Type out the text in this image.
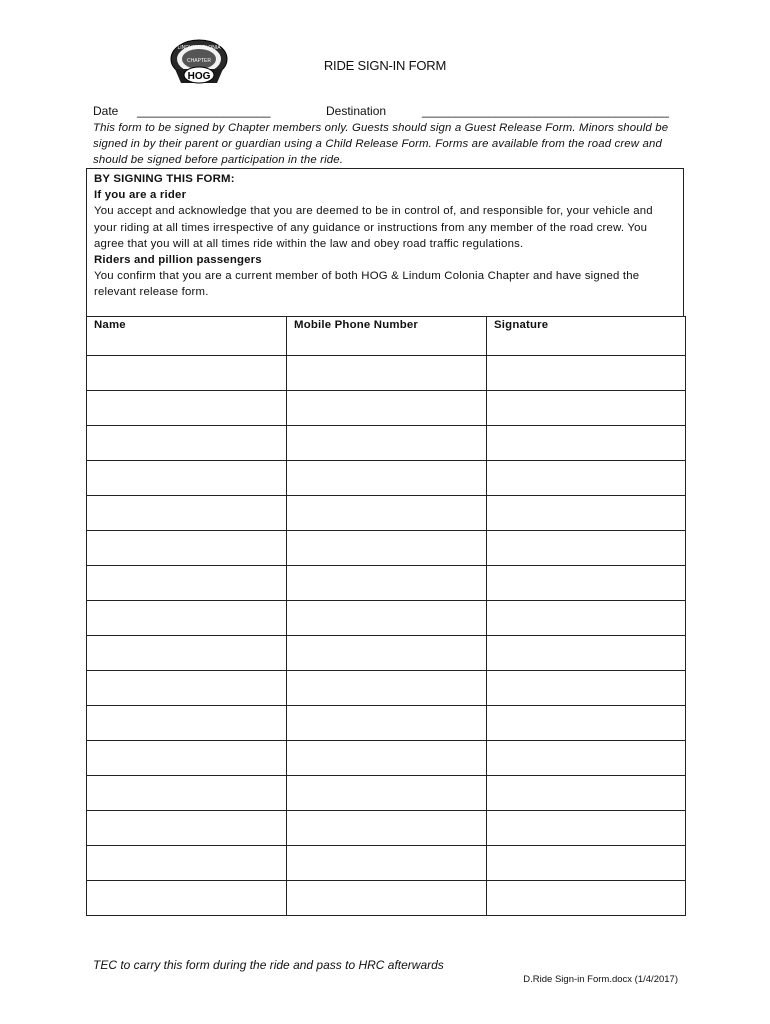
HOG
LINDUM COLONIA
CHAPTER	RIDE SIGN-IN FORM
Date ____________________	Destination	_____________________________________
This form to be signed by Chapter members only. Guests should sign a Guest Release Form. Minors should be signed in by their parent or guardian using a Child Release Form. Forms are available from the road crew and should be signed before participation in the ride.
BY SIGNING THIS FORM:
If you are a rider
You accept and acknowledge that you are deemed to be in control of, and responsible for, your vehicle and your riding at all times irrespective of any guidance or instructions from any member of the road crew. You agree that you will at all times ride within the law and obey road traffic regulations.
Riders and pillion passengers
You confirm that you are a current member of both HOG & Lindum Colonia Chapter and have signed the relevant release form.
Name	Mobile Phone Number	Signature

TEC to carry this form during the ride and pass to HRC afterwards
D.Ride Sign-in Form.docx (1/4/2017)
